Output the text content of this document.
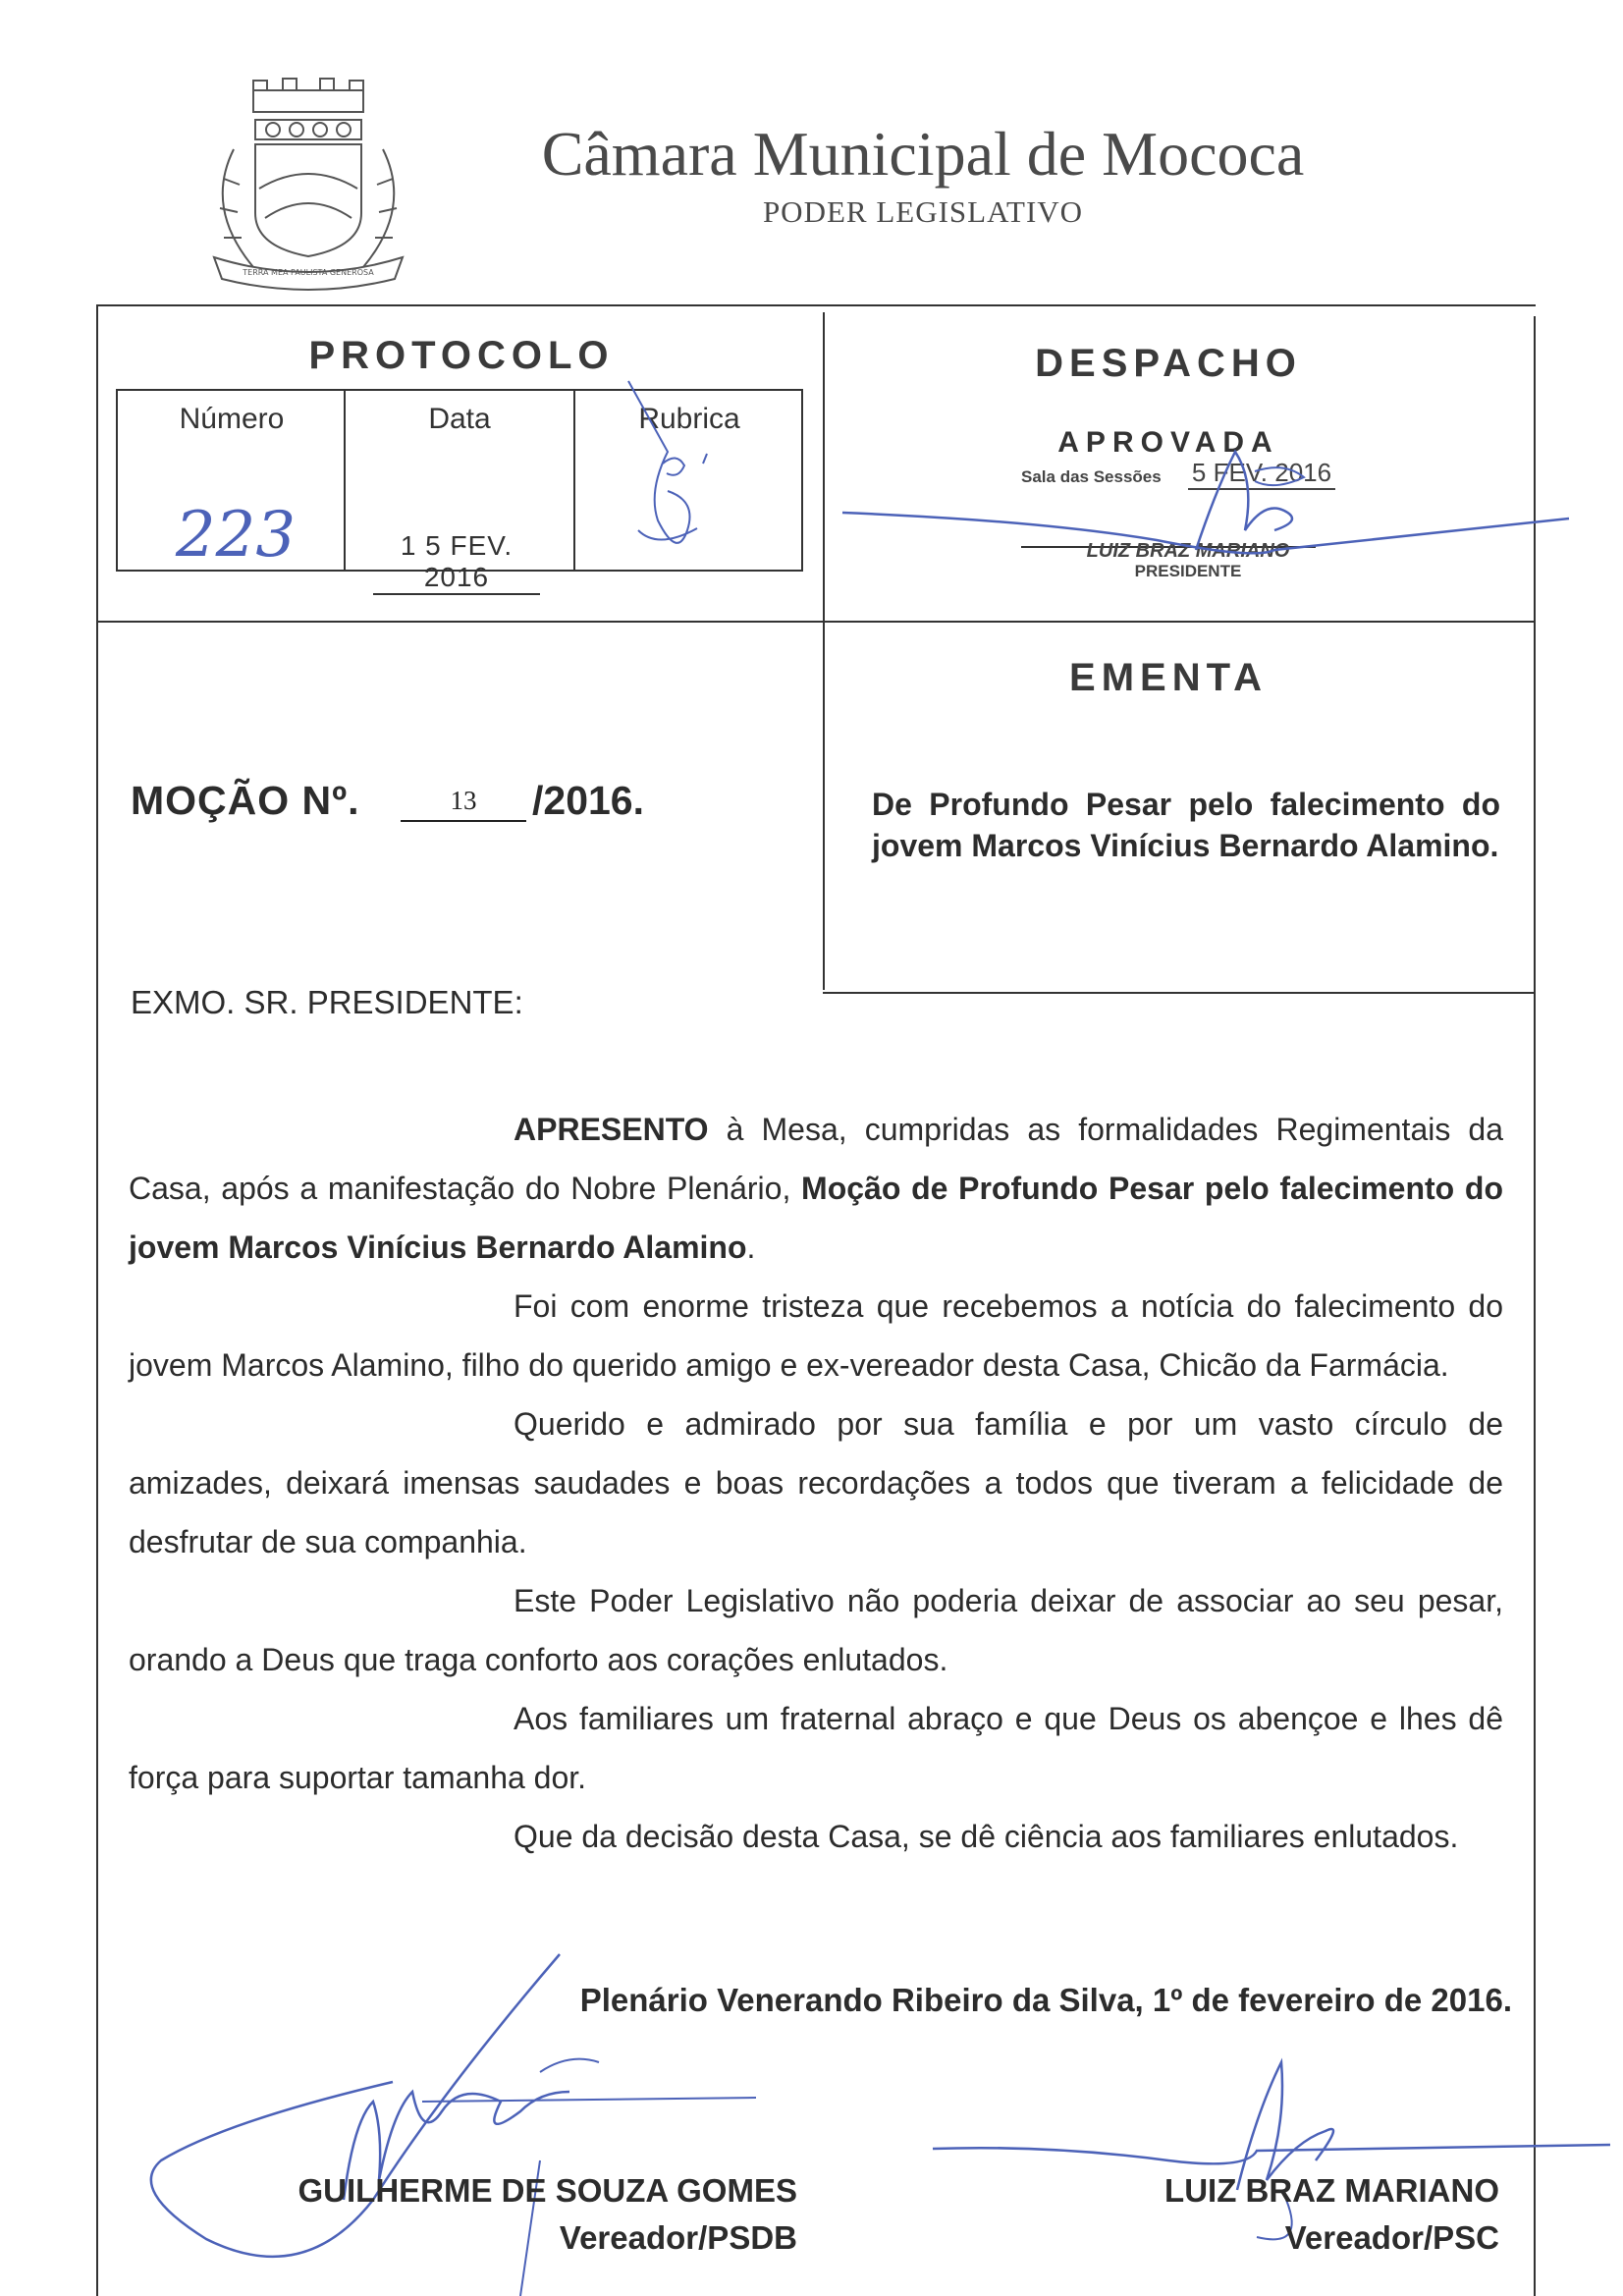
TERRA MEA PAULISTA GENEROSA
Câmara Municipal de Mococa
PODER LEGISLATIVO
PROTOCOLO
Número	Data	Rubrica
223	1 5 FEV. 2016
DESPACHO
APROVADA
Sala das Sessões 5 FEV. 2016
LUIZ BRAZ MARIANO
PRESIDENTE
EMENTA
De Profundo Pesar pelo falecimento do jovem Marcos Vinícius Bernardo Alamino.
MOÇÃO Nº.	13	/2016.
EXMO. SR. PRESIDENTE:

APRESENTO à Mesa, cumpridas as formalidades Regimentais da Casa, após a manifestação do Nobre Plenário, Moção de Profundo Pesar pelo falecimento do jovem Marcos Vinícius Bernardo Alamino.

Foi com enorme tristeza que recebemos a notícia do falecimento do jovem Marcos Alamino, filho do querido amigo e ex-vereador desta Casa, Chicão da Farmácia.

Querido e admirado por sua família e por um vasto círculo de amizades, deixará imensas saudades e boas recordações a todos que tiveram a felicidade de desfrutar de sua companhia.

Este Poder Legislativo não poderia deixar de associar ao seu pesar, orando a Deus que traga conforto aos corações enlutados.

Aos familiares um fraternal abraço e que Deus os abençoe e lhes dê força para suportar tamanha dor.

Que da decisão desta Casa, se dê ciência aos familiares enlutados.

Plenário Venerando Ribeiro da Silva, 1º de fevereiro de 2016.
GUILHERME DE SOUZA GOMES
Vereador/PSDB
LUIZ BRAZ MARIANO
Vereador/PSC
